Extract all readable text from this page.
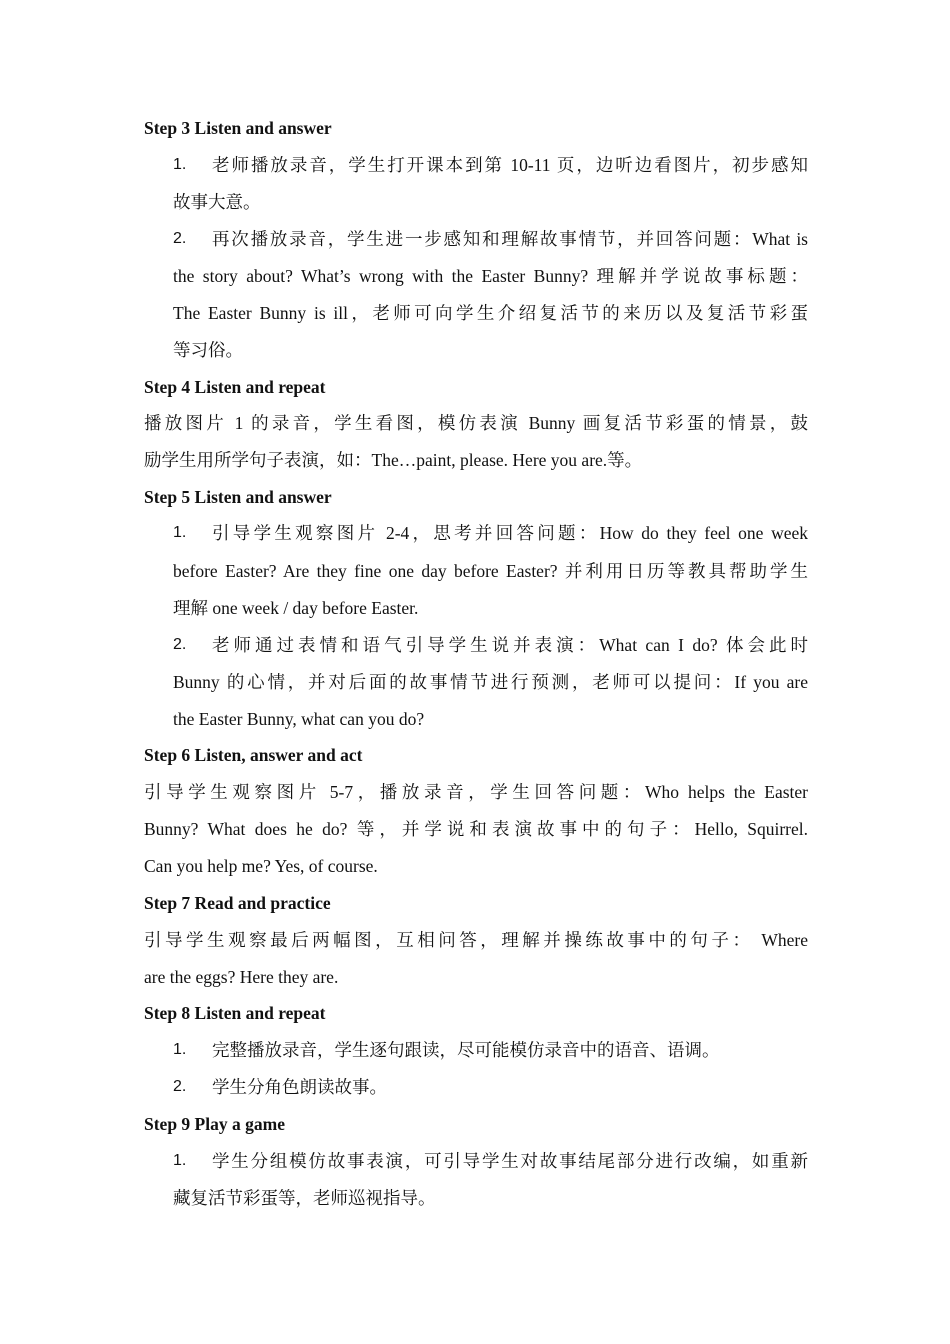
Step 3 Listen and answer
1.	老师播放录音，学生打开课本到第 10-11 页，边听边看图片，初步感知
故事大意。
2.	再次播放录音，学生进一步感知和理解故事情节，并回答问题：What is
the story about? What’s wrong with the Easter Bunny? 理解并学说故事标题：
The Easter Bunny is ill，老师可向学生介绍复活节的来历以及复活节彩蛋
等习俗。
Step 4 Listen and repeat
播放图片 1 的录音，学生看图，模仿表演 Bunny 画复活节彩蛋的情景，鼓
励学生用所学句子表演，如：The…paint, please. Here you are.等。
Step 5 Listen and answer
1.	引导学生观察图片 2-4，思考并回答问题：How do they feel one week
before Easter? Are they fine one day before Easter? 并利用日历等教具帮助学生
理解 one week / day before Easter.
2.	老师通过表情和语气引导学生说并表演：What can I do? 体会此时
Bunny 的心情，并对后面的故事情节进行预测，老师可以提问：If you are
the Easter Bunny, what can you do?
Step 6 Listen, answer and act
引导学生观察图片 5-7，播放录音，学生回答问题：Who helps the Easter
Bunny? What does he do? 等，并学说和表演故事中的句子：Hello, Squirrel.
Can you help me? Yes, of course.
Step 7 Read and practice
引导学生观察最后两幅图，互相问答，理解并操练故事中的句子： Where
are the eggs? Here they are.
Step 8 Listen and repeat
1.	完整播放录音，学生逐句跟读，尽可能模仿录音中的语音、语调。
2.	学生分角色朗读故事。
Step 9 Play a game
1.	学生分组模仿故事表演，可引导学生对故事结尾部分进行改编，如重新
藏复活节彩蛋等，老师巡视指导。
